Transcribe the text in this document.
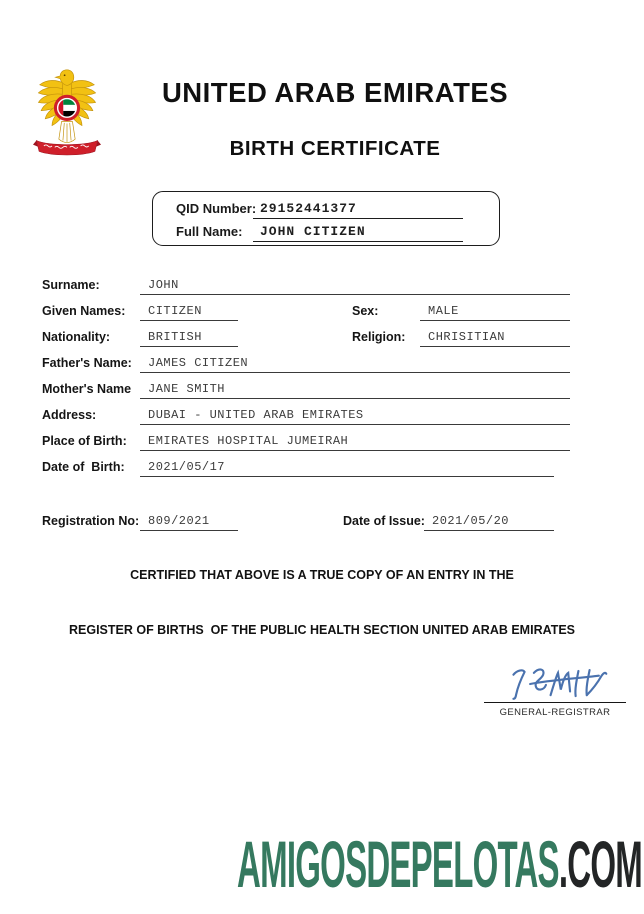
UNITED ARAB EMIRATES
BIRTH CERTIFICATE
QID Number: 29152441377
Full Name:	JOHN CITIZEN
Surname:	JOHN
Given Names:	CITIZEN	Sex:	MALE
Nationality:	BRITISH	Religion:	CHRISITIAN
Father's Name:	JAMES CITIZEN
Mother's Name	JANE SMITH
Address:	DUBAI - UNITED ARAB EMIRATES
Place of Birth:	EMIRATES HOSPITAL JUMEIRAH
Date of  Birth:	2021/05/17
Registration No: 809/2021	Date of Issue: 2021/05/20
CERTIFIED THAT ABOVE IS A TRUE COPY OF AN ENTRY IN THE
REGISTER OF BIRTHS  OF THE PUBLIC HEALTH SECTION UNITED ARAB EMIRATES
GENERAL-REGISTRAR
AMIGOSDEPELOTAS.COM
